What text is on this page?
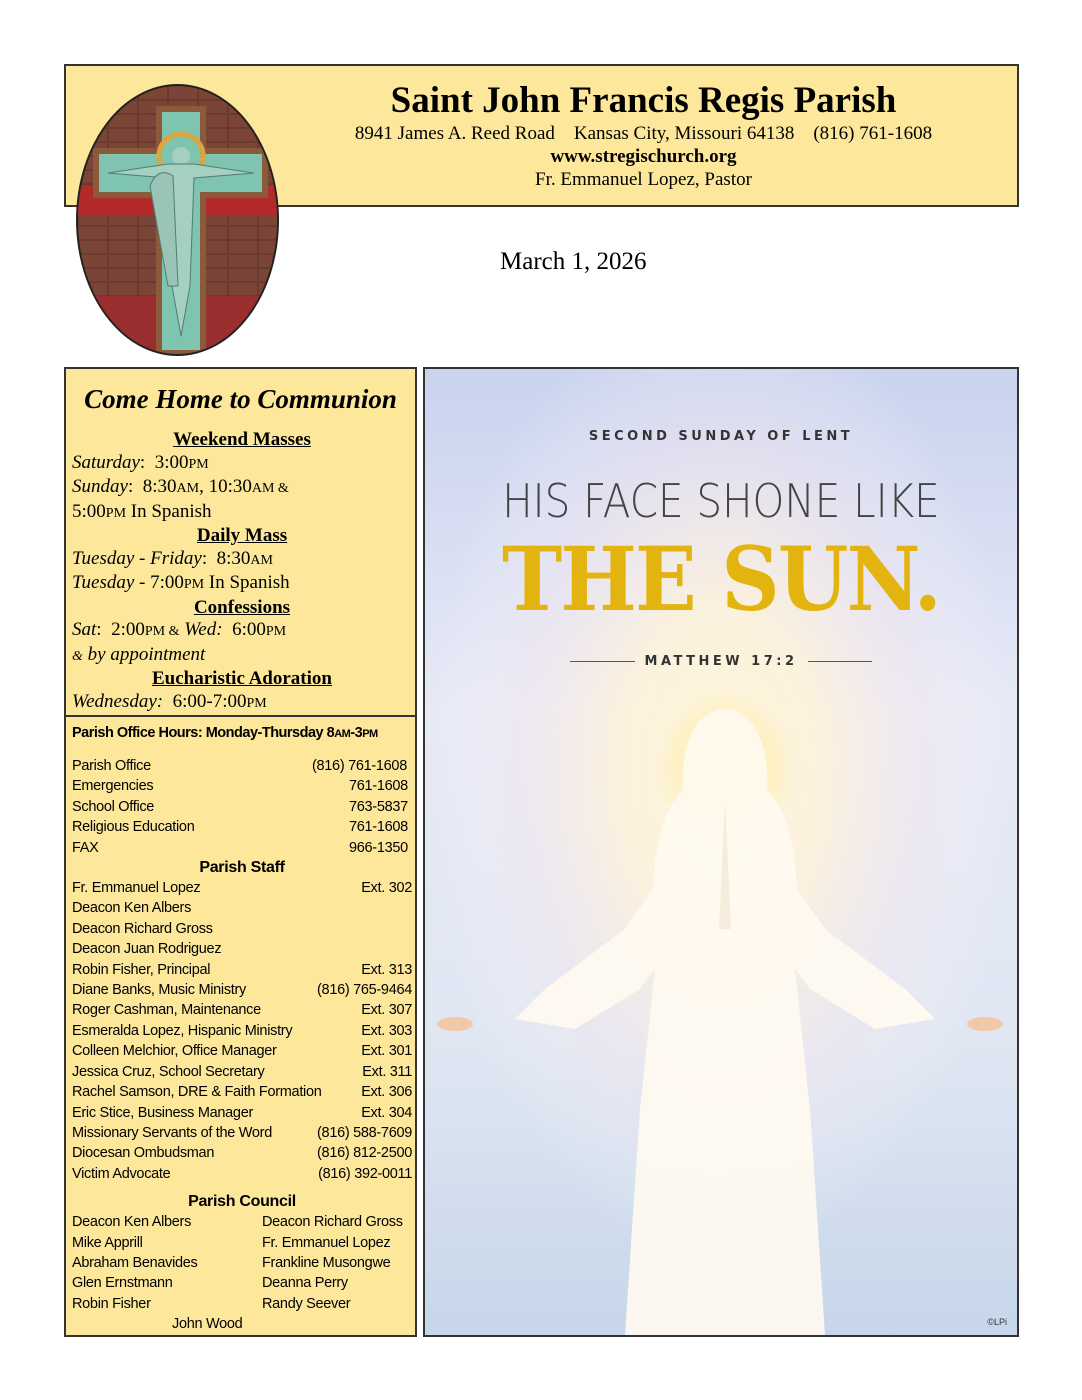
Saint John Francis Regis Parish
8941 James A. Reed Road    Kansas City, Missouri 64138    (816) 761-1608
www.stregischurch.org
Fr. Emmanuel Lopez, Pastor
March 1, 2026
Come Home to Communion
Weekend Masses
Saturday:  3:00PM
Sunday:  8:30AM, 10:30AM &
5:00PM In Spanish
Daily Mass
Tuesday - Friday:  8:30AM
Tuesday - 7:00PM In Spanish
Confessions
Sat:  2:00PM & Wed: 6:00PM
& by appointment
Eucharistic Adoration
Wednesday: 6:00-7:00PM
Parish Office Hours: Monday-Thursday 8AM-3PM
Parish Office	(816) 761-1608
Emergencies	761-1608
School Office	763-5837
Religious Education	761-1608
FAX	966-1350
Parish Staff
Fr. Emmanuel Lopez	Ext. 302
Deacon Ken Albers
Deacon Richard Gross
Deacon Juan Rodriguez
Robin Fisher, Principal	Ext. 313
Diane Banks, Music Ministry	(816) 765-9464
Roger Cashman, Maintenance	Ext. 307
Esmeralda Lopez, Hispanic Ministry	Ext. 303
Colleen Melchior, Office Manager	Ext. 301
Jessica Cruz, School Secretary	Ext. 311
Rachel Samson, DRE & Faith Formation	Ext. 306
Eric Stice, Business Manager	Ext. 304
Missionary Servants of the Word	(816) 588-7609
Diocesan Ombudsman	(816) 812-2500
Victim Advocate	(816) 392-0011
Parish Council
Deacon Ken Albers	Deacon Richard Gross
Mike Apprill	Fr. Emmanuel Lopez
Abraham Benavides	Frankline Musongwe
Glen Ernstmann	Deanna Perry
Robin Fisher	Randy Seever
John Wood
SECOND SUNDAY OF LENT
HIS FACE SHONE LIKE
THE SUN.
MATTHEW 17:2
©LPi
